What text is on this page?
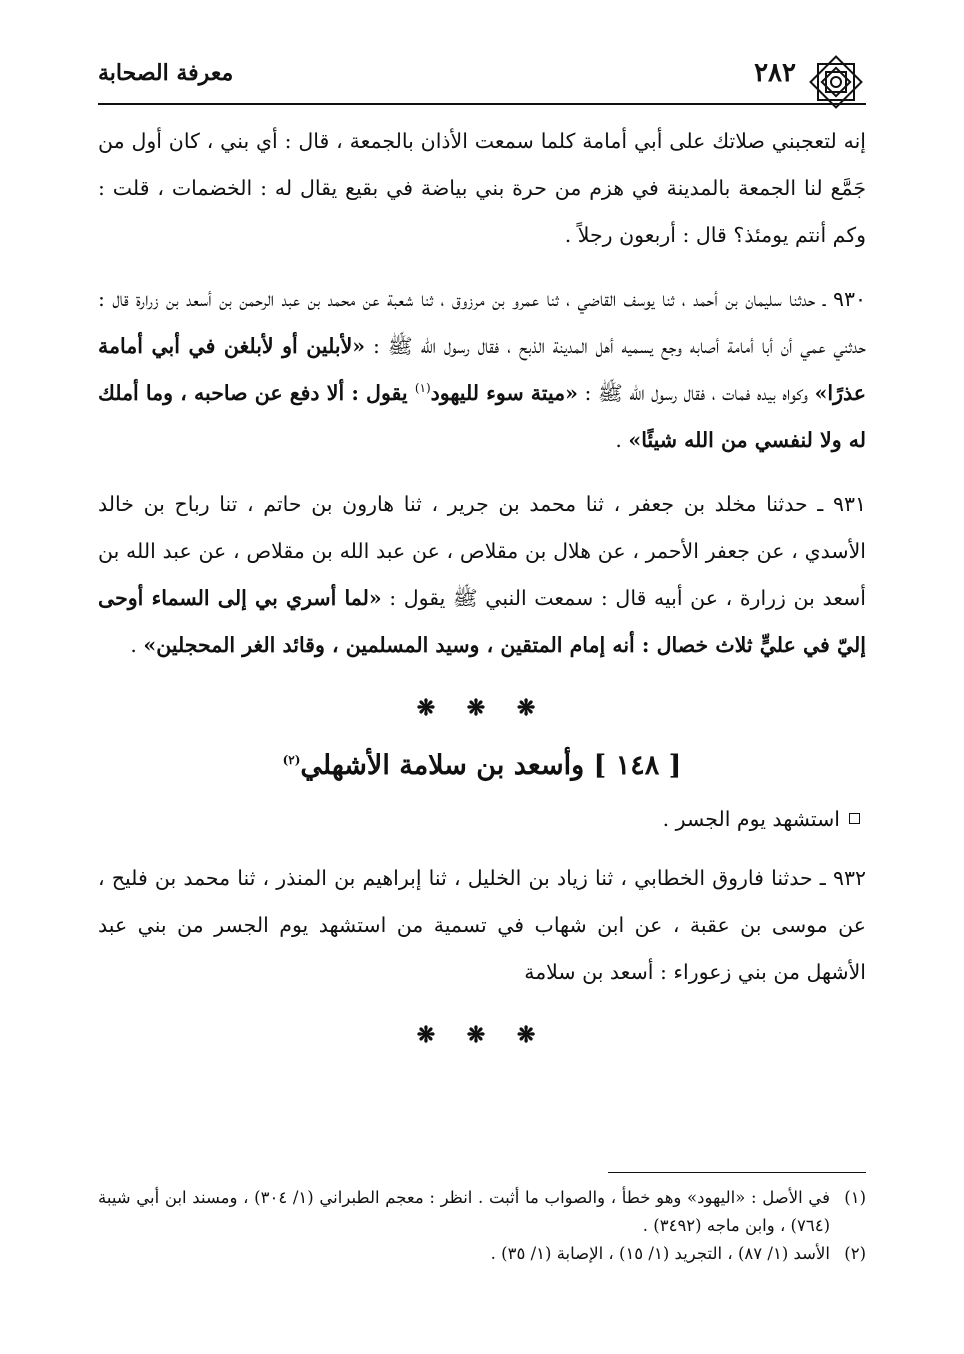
معرفة الصحابة	٢٨٢

إنه لتعجبني صلاتك على أبي أمامة كلما سمعت الأذان بالجمعة ، قال : أي بني ، كان أول من جَمَّع لنا الجمعة بالمدينة في هزم من حرة بني بياضة في بقيع يقال له : الخضمات ، قلت : وكم أنتم يومئذ؟ قال : أربعون رجلاً .

٩٣٠ ـ حدثنا سليمان بن أحمد ، ثنا يوسف القاضي ، ثنا عمرو بن مرزوق ، ثنا شعبة عن محمد بن عبد الرحمن بن أسعد بن زرارة قال : حدثني عمي أن أبا أمامة أصابه وجع يسميه أهل المدينة الذبح ، فقال رسول الله ﷺ : «لأبلين أو لأبلغن في أبي أمامة عذرًا» وكواه بيده فمات ، فقال رسول الله ﷺ : «ميتة سوء لليهود$^{(١)}$ يقول : ألا دفع عن صاحبه ، وما أملك له ولا لنفسي من الله شيئًا» .

٩٣١ ـ حدثنا مخلد بن جعفر ، ثنا محمد بن جرير ، ثنا هارون بن حاتم ، تنا رباح بن خالد الأسدي ، عن جعفر الأحمر ، عن هلال بن مقلاص ، عن عبد الله بن مقلاص ، عن عبد الله بن أسعد بن زرارة ، عن أبيه قال : سمعت النبي ﷺ يقول : «لما أسري بي إلى السماء أوحى إليّ في عليٍّ ثلاث خصال : أنه إمام المتقين ، وسيد المسلمين ، وقائد الغر المحجلين» .

❋ ❋ ❋

[ ١٤٨ ] وأسعد بن سلامة الأشهلي$^{(٢)}$

استشهد يوم الجسر .

٩٣٢ ـ حدثنا فاروق الخطابي ، ثنا زياد بن الخليل ، ثنا إبراهيم بن المنذر ، ثنا محمد بن فليح ، عن موسى بن عقبة ، عن ابن شهاب في تسمية من استشهد يوم الجسر من بني عبد الأشهل من بني زعوراء : أسعد بن سلامة

❋ ❋ ❋

(١)
في الأصل : «اليهود» وهو خطأ ، والصواب ما أثبت . انظر : معجم الطبراني (١/ ٣٠٤) ، ومسند ابن أبي شيبة (٧٦٤) ، وابن ماجه (٣٤٩٢) .

(٢)
الأسد (١/ ٨٧) ، التجريد (١/ ١٥) ، الإصابة (١/ ٣٥) .
